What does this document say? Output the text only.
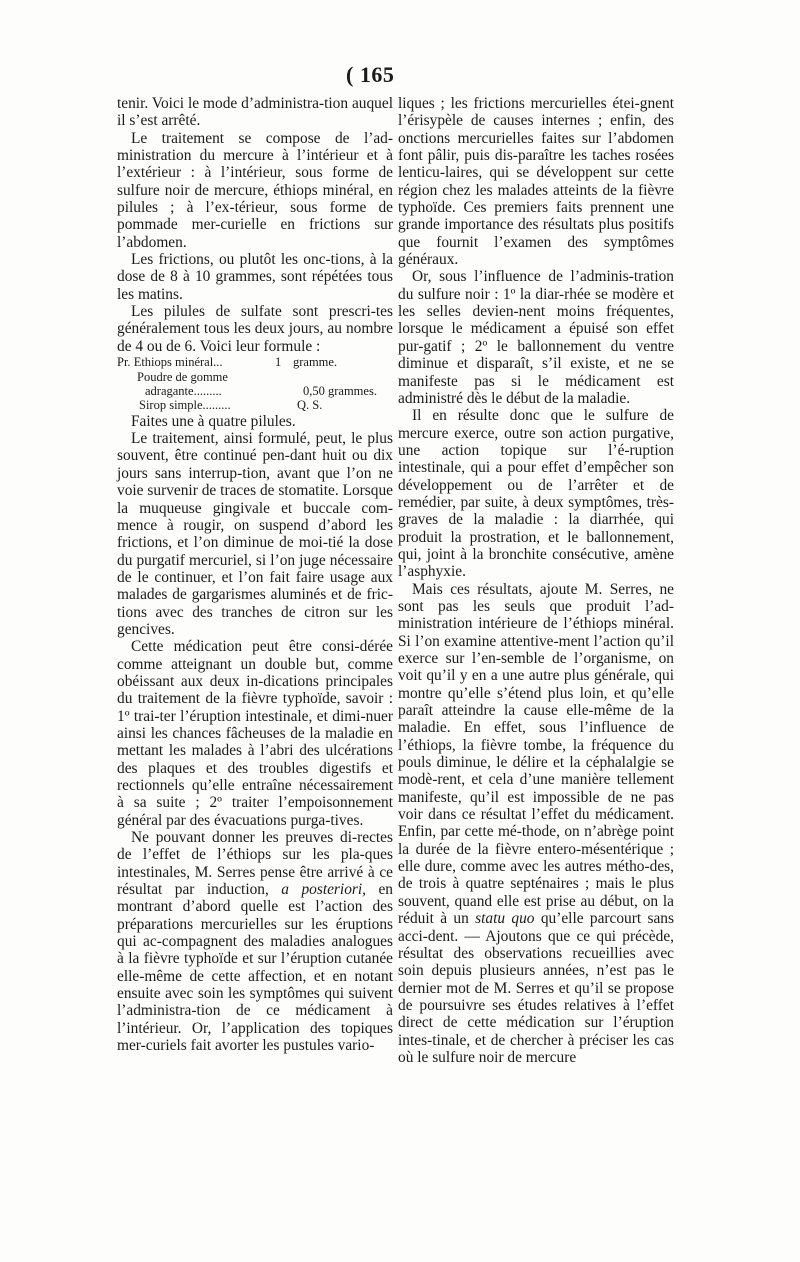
( 165

tenir. Voici le mode d’administra-tion auquel il s’est arrêté.

Le traitement se compose de l’ad-ministration du mercure à l’intérieur et à l’extérieur : à l’intérieur, sous forme de sulfure noir de mercure, éthiops minéral, en pilules ; à l’ex-térieur, sous forme de pommade mer-curielle en frictions sur l’abdomen.

Les frictions, ou plutôt les onc-tions, à la dose de 8 à 10 grammes, sont répétées tous les matins.

Les pilules de sulfate sont prescri-tes généralement tous les deux jours, au nombre de 4 ou de 6. Voici leur formule :

Pr. Ethiops minéral...	1 gramme.
Poudre de gomme
adragante.........	0,50 grammes.
Sirop simple.........	Q. S.

Faites une à quatre pilules.

Le traitement, ainsi formulé, peut, le plus souvent, être continué pen-dant huit ou dix jours sans interrup-tion, avant que l’on ne voie survenir de traces de stomatite. Lorsque la muqueuse gingivale et buccale com-mence à rougir, on suspend d’abord les frictions, et l’on diminue de moi-tié la dose du purgatif mercuriel, si l’on juge nécessaire de le continuer, et l’on fait faire usage aux malades de gargarismes aluminés et de fric-tions avec des tranches de citron sur les gencives.

Cette médication peut être consi-dérée comme atteignant un double but, comme obéissant aux deux in-dications principales du traitement de la fièvre typhoïde, savoir : 1º trai-ter l’éruption intestinale, et dimi-nuer ainsi les chances fâcheuses de la maladie en mettant les malades à l’abri des ulcérations des plaques et des troubles digestifs et rectionnels qu’elle entraîne nécessairement à sa suite ; 2º traiter l’empoisonnement général par des évacuations purga-tives.

Ne pouvant donner les preuves di-rectes de l’effet de l’éthiops sur les pla-ques intestinales, M. Serres pense être arrivé à ce résultat par induction, a posteriori, en montrant d’abord quelle est l’action des préparations mercurielles sur les éruptions qui ac-compagnent des maladies analogues à la fièvre typhoïde et sur l’éruption cutanée elle-même de cette affection, et en notant ensuite avec soin les symptômes qui suivent l’administra-tion de ce médicament à l’intérieur. Or, l’application des topiques mer-curiels fait avorter les pustules vario-

liques ; les frictions mercurielles étei-gnent l’érisypèle de causes internes ; enfin, des onctions mercurielles faites sur l’abdomen font pâlir, puis dis-paraître les taches rosées lenticu-laires, qui se développent sur cette région chez les malades atteints de la fièvre typhoïde. Ces premiers faits prennent une grande importance des résultats plus positifs que fournit l’examen des symptômes généraux.

Or, sous l’influence de l’adminis-tration du sulfure noir : 1º la diar-rhée se modère et les selles devien-nent moins fréquentes, lorsque le médicament a épuisé son effet pur-gatif ; 2º le ballonnement du ventre diminue et disparaît, s’il existe, et ne se manifeste pas si le médicament est administré dès le début de la maladie.

Il en résulte donc que le sulfure de mercure exerce, outre son action purgative, une action topique sur l’é-ruption intestinale, qui a pour effet d’empêcher son développement ou de l’arrêter et de remédier, par suite, à deux symptômes, très-graves de la maladie : la diarrhée, qui produit la prostration, et le ballonnement, qui, joint à la bronchite consécutive, amène l’asphyxie.

Mais ces résultats, ajoute M. Serres, ne sont pas les seuls que produit l’ad-ministration intérieure de l’éthiops minéral. Si l’on examine attentive-ment l’action qu’il exerce sur l’en-semble de l’organisme, on voit qu’il y en a une autre plus générale, qui montre qu’elle s’étend plus loin, et qu’elle paraît atteindre la cause elle-même de la maladie. En effet, sous l’influence de l’éthiops, la fièvre tombe, la fréquence du pouls diminue, le délire et la céphalalgie se modè-rent, et cela d’une manière tellement manifeste, qu’il est impossible de ne pas voir dans ce résultat l’effet du médicament. Enfin, par cette mé-thode, on n’abrège point la durée de la fièvre entero-mésentérique ; elle dure, comme avec les autres métho-des, de trois à quatre septénaires ; mais le plus souvent, quand elle est prise au début, on la réduit à un statu quo qu’elle parcourt sans acci-dent. — Ajoutons que ce qui précède, résultat des observations recueillies avec soin depuis plusieurs années, n’est pas le dernier mot de M. Serres et qu’il se propose de poursuivre ses études relatives à l’effet direct de cette médication sur l’éruption intes-tinale, et de chercher à préciser les cas où le sulfure noir de mercure
